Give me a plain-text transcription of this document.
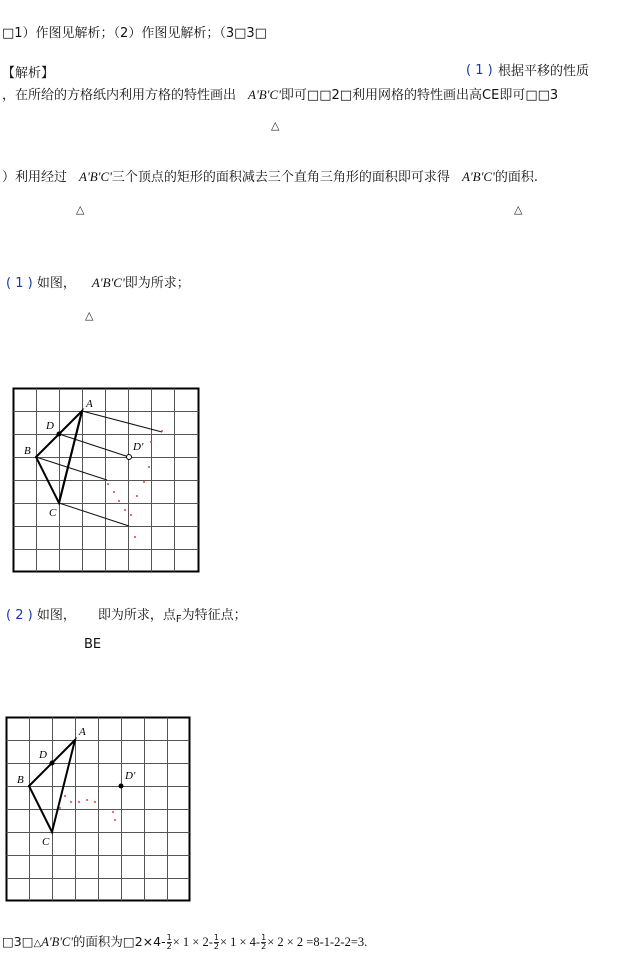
□1）作图见解析；（2）作图见解析；（3□3□
【解析】	( 1 ) 根据平移的性质
，在所给的方格纸内利用方格的特性画出 A'B'C'即可□□2□利用网格的特性画出高CE即可□□3
△
）利用经过 A'B'C'三个顶点的矩形的面积减去三个直角三角形的面积即可求得 A'B'C'的面积.
△	△
( 1 ) 如图， A'B'C'即为所求；
△
A
B
C
D
D'
( 2 ) 如图， 即为所求，点$_F$为特征点；
BE
A
B
C
D
D'
□3□△A'B'C'的面积为□2×4- $\frac{1}{2} \times 1 \times 2- \frac{1}{2} \times 1 \times 4- \frac{1}{2} \times 2 \times 2 =8-1-2-2=3$.
